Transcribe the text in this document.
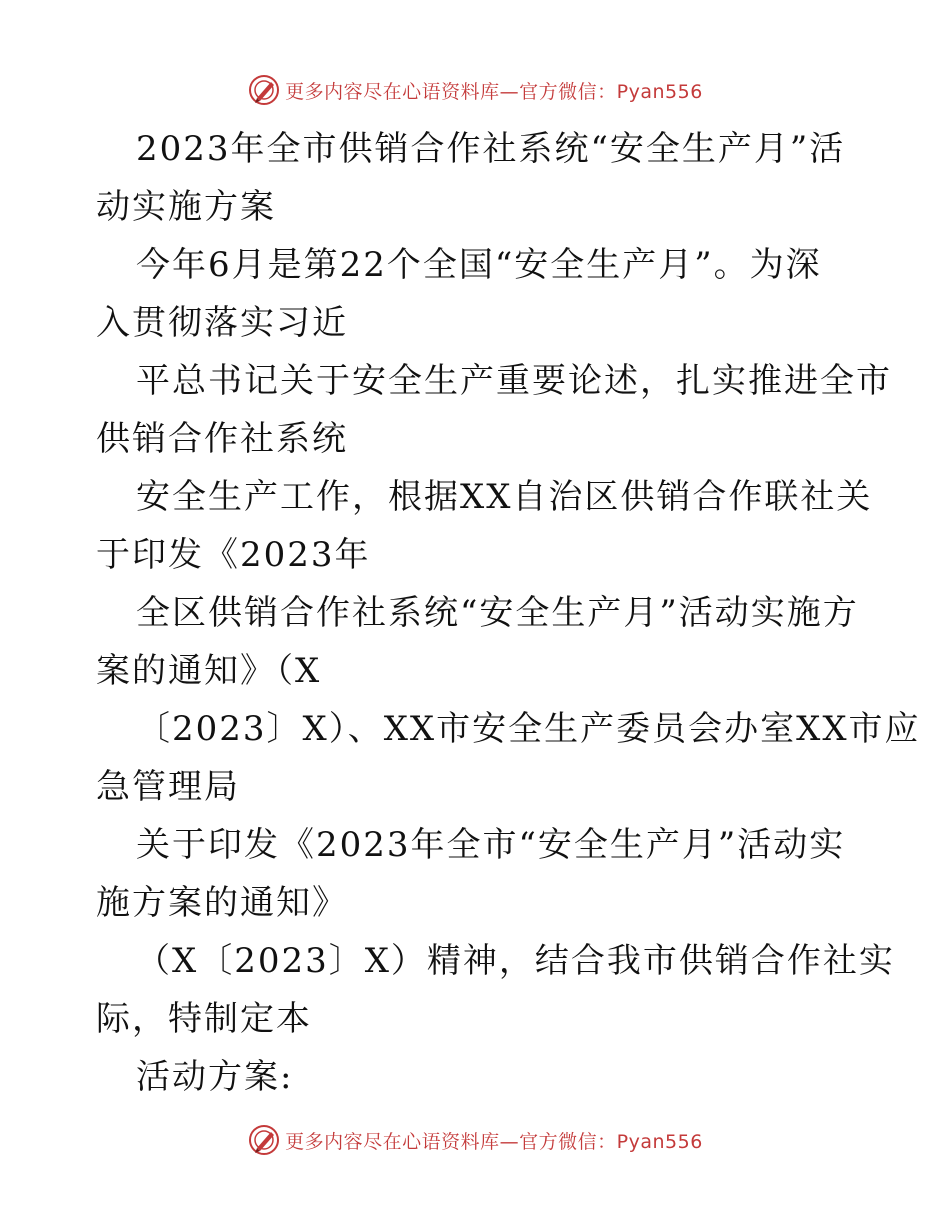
更多内容尽在心语资料库—官方微信：Pyan556

2023年全市供销合作社系统“安全生产月”活

动实施方案

今年6月是第22个全国“安全生产月”。为深

入贯彻落实习近

平总书记关于安全生产重要论述，扎实推进全市

供销合作社系统

安全生产工作，根据XX自治区供销合作联社关

于印发《2023年

全区供销合作社系统“安全生产月”活动实施方

案的通知》（X

〔2023〕X）、XX市安全生产委员会办室XX市应

急管理局

关于印发《2023年全市“安全生产月”活动实

施方案的通知》

（X〔2023〕X）精神，结合我市供销合作社实

际，特制定本

活动方案:

更多内容尽在心语资料库—官方微信：Pyan556
